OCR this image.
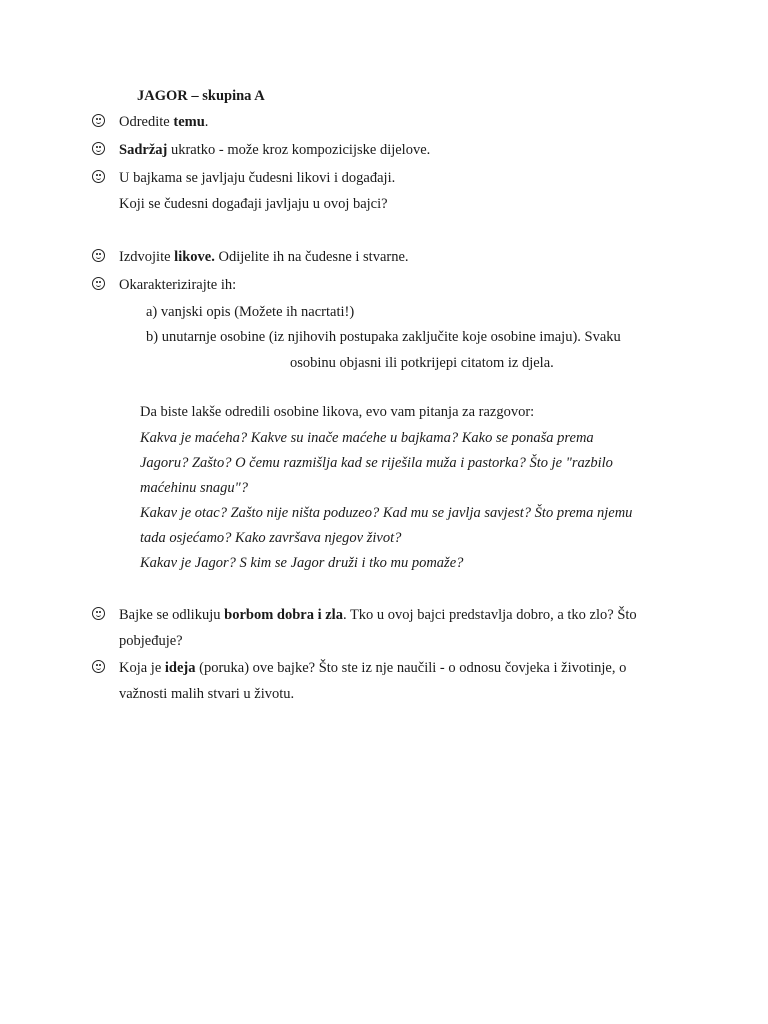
JAGOR – skupina A
Odredite temu.
Sadržaj ukratko - može kroz kompozicijske dijelove.
U bajkama se javljaju čudesni likovi i događaji.
Koji se čudesni događaji javljaju u ovoj bajci?
Izdvojite likove. Odijelite ih na čudesne i stvarne.
Okarakterizirajte ih:
a) vanjski opis (Možete ih nacrtati!)
b) unutarnje osobine (iz njihovih postupaka zaključite koje osobine imaju). Svaku
osobinu objasni ili potkrijepi citatom iz djela.
Da biste lakše odredili osobine likova, evo vam pitanja za razgovor:
Kakva je maćeha? Kakve su inače maćehe u bajkama? Kako se ponaša prema
Jagoru? Zašto? O čemu razmišlja kad se riješila muža i pastorka? Što je "razbilo
maćehinu snagu"?
Kakav je otac? Zašto nije ništa poduzeo? Kad mu se javlja savjest? Što prema njemu
tada osjećamo? Kako završava njegov život?
Kakav je Jagor? S kim se Jagor druži i tko mu pomaže?
Bajke se odlikuju borbom dobra i zla. Tko u ovoj bajci predstavlja dobro, a tko zlo? Što
pobjeđuje?
Koja je ideja (poruka) ove bajke? Što ste iz nje naučili - o odnosu čovjeka i životinje, o
važnosti malih stvari u životu.
